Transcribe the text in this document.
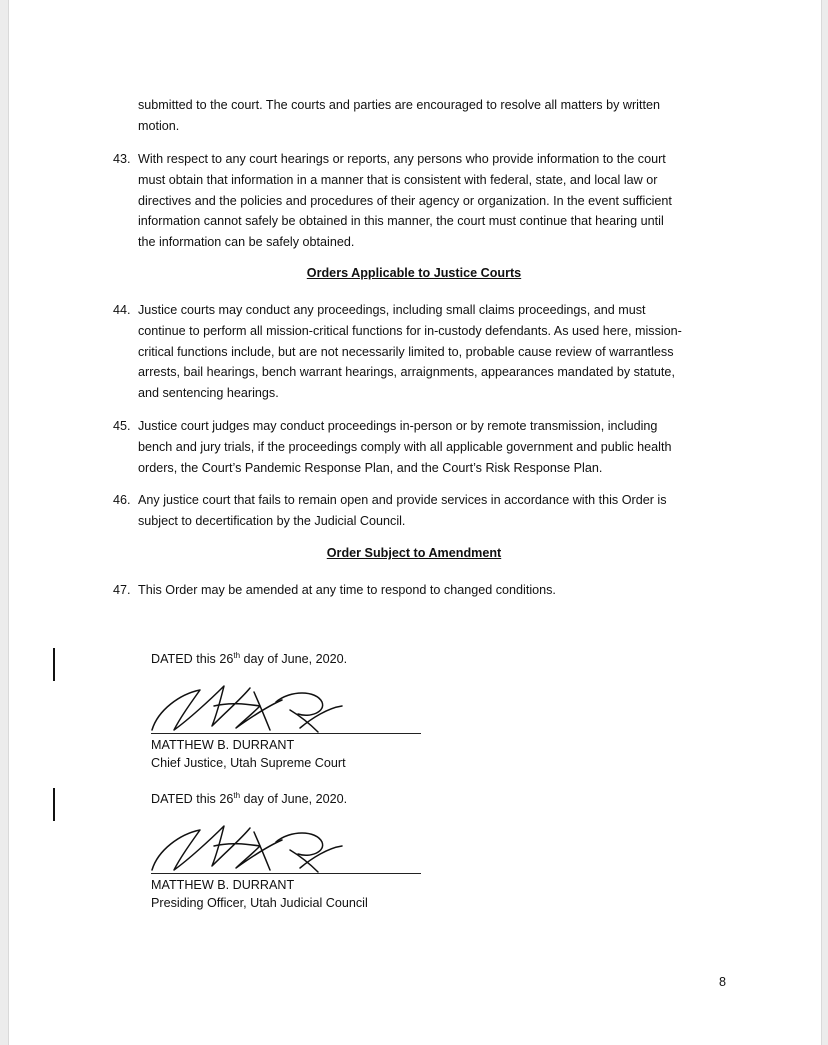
submitted to the court. The courts and parties are encouraged to resolve all matters by written
motion.
43. With respect to any court hearings or reports, any persons who provide information to the court
must obtain that information in a manner that is consistent with federal, state, and local law or
directives and the policies and procedures of their agency or organization. In the event sufficient
information cannot safely be obtained in this manner, the court must continue that hearing until
the information can be safely obtained.
Orders Applicable to Justice Courts
44. Justice courts may conduct any proceedings, including small claims proceedings, and must
continue to perform all mission-critical functions for in-custody defendants. As used here, mission-
critical functions include, but are not necessarily limited to, probable cause review of warrantless
arrests, bail hearings, bench warrant hearings, arraignments, appearances mandated by statute,
and sentencing hearings.
45. Justice court judges may conduct proceedings in-person or by remote transmission, including
bench and jury trials, if the proceedings comply with all applicable government and public health
orders, the Court’s Pandemic Response Plan, and the Court’s Risk Response Plan.
46. Any justice court that fails to remain open and provide services in accordance with this Order is
subject to decertification by the Judicial Council.
Order Subject to Amendment
47. This Order may be amended at any time to respond to changed conditions.
DATED this 26th day of June, 2020.
MATTHEW B. DURRANT
Chief Justice, Utah Supreme Court
DATED this 26th day of June, 2020.
MATTHEW B. DURRANT
Presiding Officer, Utah Judicial Council
8
